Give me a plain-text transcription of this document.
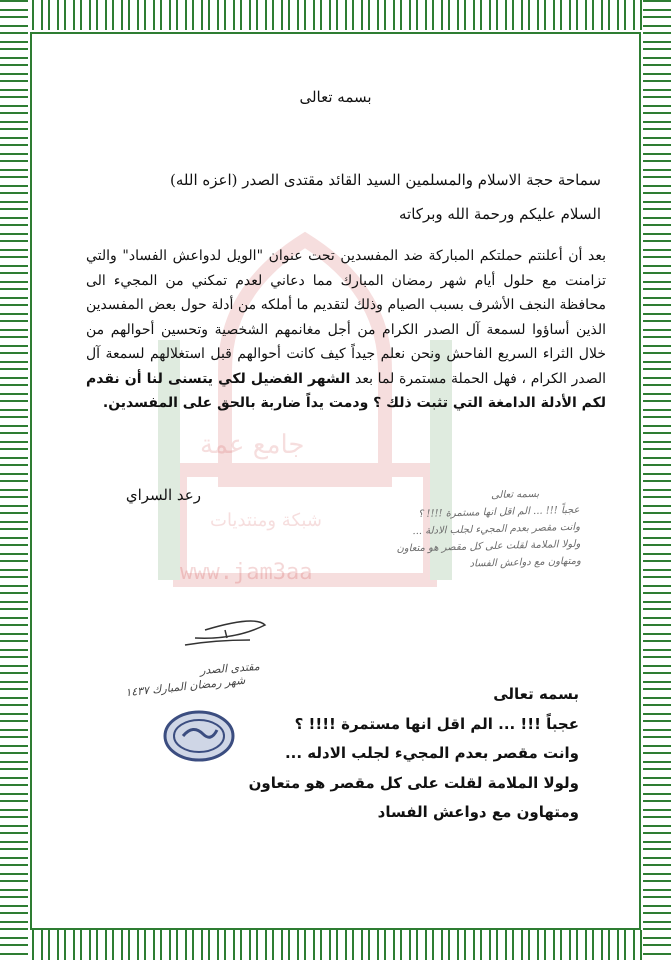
www.jam3aa
جامع عمة
شبكة ومنتديات
بسمه تعالى
سماحة حجة الاسلام والمسلمين السيد القائد مقتدى الصدر (اعزه الله)
السلام عليكم ورحمة الله وبركاته
بعد أن أعلنتم حملتكم المباركة ضد المفسدين تحت عنوان "الويل لدواعش الفساد" والتي تزامنت مع حلول أيام شهر رمضان المبارك مما دعاني لعدم تمكني من المجيء الى محافظة النجف الأشرف بسبب الصيام وذلك لتقديم ما أملكه من أدلة حول بعض المفسدين الذين أساؤوا لسمعة آل الصدر الكرام من أجل مغانمهم الشخصية وتحسين أحوالهم من خلال الثراء السريع الفاحش ونحن نعلم جيداً كيف كانت أحوالهم قبل استغلالهم لسمعة آل الصدر الكرام ، فهل الحملة مستمرة لما بعد الشهر الفضيل لكي يتسنى لنا أن نقدم لكم الأدلة الدامغة التي تثبت ذلك ؟ ودمت يداً ضاربة بالحق على المفسدين.
رعد السراي	بسمه تعالى
عجباً !!! ... الم اقل انها مستمرة !!!! ؟
وانت مقصر بعدم المجيء لجلب الادلة ...
ولولا الملامة لقلت على كل مقصر هو متعاون
ومتهاون مع دواعش الفساد
مقتدى الصدر
شهر رمضان المبارك ١٤٣٧	بسمه تعالى
عجباً !!! ... الم اقل انها مستمرة !!!! ؟
وانت مقصر بعدم المجيء لجلب الادله ...
ولولا الملامة لقلت على كل مقصر هو متعاون
ومتهاون مع دواعش الفساد
